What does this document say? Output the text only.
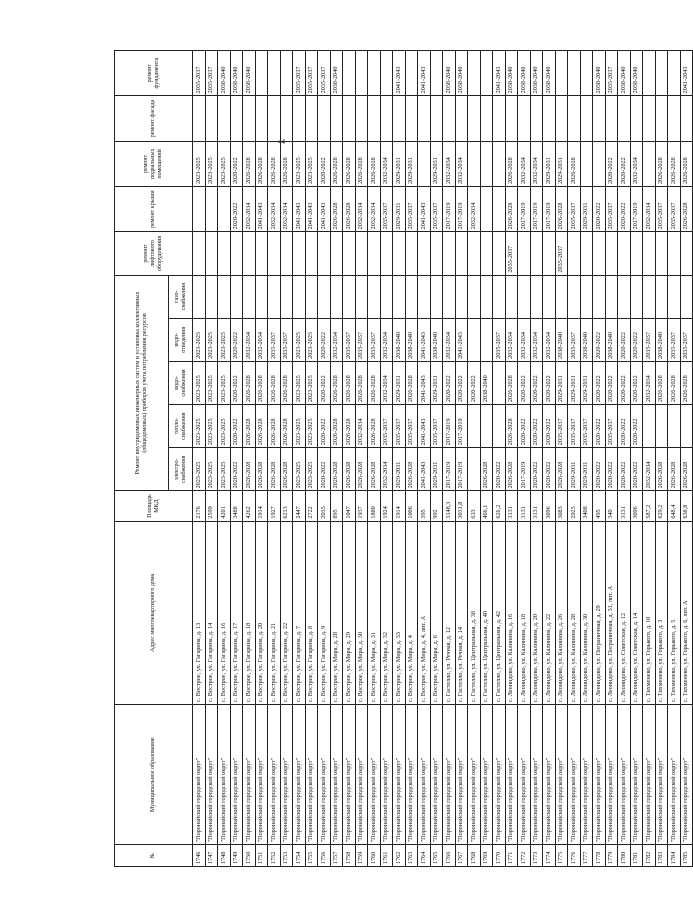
44
№	Муниципальное образование	Адрес многоквартирного дома	Площадь МКД	Ремонт внутридомовых инженерных систем и установка коллективных (общедомовых) приборов учета потребления ресурсов					ремонт лифтового оборудования	ремонт крыши	ремонт подвальных помещений	ремонт фасада	ремонт фундамента
				электро-снабжения	тепло-снабжения	водо-снабжения	водо-отведения	газо-снабжения					
1746	"Поронайский городской округ"	с. Вострое, ул. Гагарина, д. 13	2176	2023-2025	2023-2025	2023-2025	2023-2025				2023-2025		2035-2037
1747	"Поронайский городской округ"	с. Вострое, ул. Гагарина, д. 14	2599	2023-2025	2023-2025	2023-2025	2023-2025				2023-2025		2035-2037
1748	"Поронайский городской округ"	с. Вострое, ул. Гагарина, д. 16	4201	2023-2025	2023-2025	2023-2025	2023-2025				2023-2025		2038-2040
1749	"Поронайский городской округ"	с. Вострое, ул. Гагарина, д. 17	3488	2020-2022	2020-2022	2020-2022	2020-2022			2020-2022	2020-2022		2038-2040
1750	"Поронайский городской округ"	с. Вострое, ул. Гагарина, д. 18	4262	2026-2028	2026-2028	2026-2028	2032-2034			2032-2034	2026-2028		2038-2040
1751	"Поронайский городской округ"	с. Вострое, ул. Гагарина, д. 20	1914	2026-2028	2026-2028	2026-2028	2032-2034			2041-2043	2026-2028		
1752	"Поронайский городской округ"	с. Вострое, ул. Гагарина, д. 21	1927	2026-2028	2026-2028	2026-2028	2035-2037			2032-2034	2026-2028		
1753	"Поронайский городской округ"	с. Вострое, ул. Гагарина, д. 22	6213	2026-2028	2026-2028	2026-2028	2035-2037			2032-2034	2026-2028		
1754	"Поронайский городской округ"	с. Вострое, ул. Гагарина, д. 7	2447	2023-2025	2023-2025	2023-2025	2023-2025			2041-2043	2023-2025		2035-2037
1755	"Поронайский городской округ"	с. Вострое, ул. Гагарина, д. 8	2722	2023-2025	2023-2025	2023-2025	2023-2025			2041-2043	2023-2025		2035-2037
1756	"Поронайский городской округ"	с. Вострое, ул. Гагарина, д. 9	2035	2020-2022	2020-2022	2020-2022	2020-2022			2041-2043	2020-2022		2035-2037
1757	"Поронайский городской округ"	с. Вострое, ул. Мира, д. 28	895	2026-2028	2026-2028	2026-2028	2032-2034			2026-2028	2026-2028		2038-2040
1758	"Поронайский городской округ"	с. Вострое, ул. Мира, д. 29	1047	2026-2028	2026-2028	2026-2028	2035-2037			2026-2028	2026-2028		
1759	"Поронайский городской округ"	с. Вострое, ул. Мира, д. 30	1937	2026-2028	2032-2034	2026-2028	2035-2037			2032-2034	2026-2028		
1760	"Поронайский городской округ"	с. Вострое, ул. Мира, д. 31	1880	2026-2028	2026-2028	2026-2028	2035-2037			2032-2034	2026-2028		
1761	"Поронайский городской округ"	с. Вострое, ул. Мира, д. 32	1924	2032-2034	2035-2037	2032-2034	2032-2034			2035-2037	2032-2034		
1762	"Поронайский городской округ"	с. Вострое, ул. Мира, д. 33	1914	2029-2031	2035-2037	2029-2031	2038-2040			2029-2031	2029-2031		2041-2043
1763	"Поронайский городской округ"	с. Вострое, ул. Мира, д. 4	1006	2026-2028	2035-2037	2026-2028	2038-2040			2035-2037	2029-2031		
1764	"Поронайский городской округ"	с. Вострое, ул. Мира, д. 4, лит. А	395	2041-2043	2041-2043	2041-2043	2041-2043			2041-2043			2041-2043
1765	"Поронайский городской округ"	с. Вострое, ул. Мира, д. 6	992	2029-2031	2035-2037	2029-2031	2038-2040			2035-2037	2029-2031		
1766	"Поронайский городской округ"	с. Гастелло, ул. Речная, д. 12	3148,3	2017-2019	2017-2019	2020-2022	2032-2034			2017-2019	2032-2034		2038-2040
1767	"Поронайский городской округ"	с. Гастелло, ул. Речная, д. 14	3031,8	2017-2019	2017-2019	2020-2022	2041-2043			2017-2019	2032-2034		2038-2040
1768	"Поронайский городской округ"	с. Гастелло, ул. Центральная, д. 38	633			2020-2022				2032-2034			
1769	"Поронайский городской округ"	с. Гастелло, ул. Центральная, д. 40	466,1	2026-2028		2038-2040							
1770	"Поронайский городской округ"	с. Гастелло, ул. Центральная, д. 42	626,2	2020-2022			2035-2037						2041-2043
1771	"Поронайский городской округ"	с. Леонидово, ул. Калинина, д. 16	3131	2026-2028	2026-2028	2026-2028	2032-2034		2035-2037	2026-2028	2026-2028		2038-2040
1772	"Поронайский городской округ"	с. Леонидово, ул. Калинина, д. 18	3131	2017-2019	2020-2022	2020-2022	2032-2034			2017-2019	2032-2034		2038-2040
1773	"Поронайский городской округ"	с. Леонидово, ул. Калинина, д. 20	3131	2020-2022	2020-2022	2020-2022	2032-2034			2017-2019	2032-2034		2038-2040
1774	"Поронайский городской округ"	с. Леонидово, ул. Калинина, д. 22	3096	2020-2022	2020-2022	2020-2022	2032-2034			2017-2019	2029-2031		2038-2040
1775	"Поронайский городской округ"	с. Леонидово, ул. Калинина, д. 26	3083	2026-2028	2035-2037	2029-2031	2038-2040		2035-2037	2026-2028	2029-2031		
1776	"Поронайский городской округ"	с. Леонидово, ул. Калинина, д. 28	2925	2029-2031	2035-2037	2029-2031	2035-2037			2035-2037	2026-2028		
1777	"Поронайский городской округ"	с. Леонидово, ул. Калинина, д. 30	3408	2029-2031	2035-2037	2029-2031	2038-2040			2029-2031			
1778	"Поронайский городской округ"	с. Леонидово, ул. Пограничная, д. 29	495	2020-2022	2020-2022	2020-2022	2020-2022			2020-2022			2038-2040
1779	"Поронайский городской округ"	с. Леонидово, ул. Пограничная, д. 31, лит. А	340	2020-2022	2035-2037	2020-2022	2038-2040			2035-2037	2020-2022		2035-2037
1780	"Поронайский городской округ"	с. Леонидово, ул. Советская, д. 12	3131	2020-2022	2020-2022	2020-2022	2020-2022			2020-2022	2020-2022		2038-2040
1781	"Поронайский городской округ"	с. Леонидово, ул. Советская, д. 14	3096	2020-2022	2020-2022	2020-2022	2020-2022			2017-2019	2032-2034		2038-2040
1782	"Поронайский городской округ"	с. Тихменево, ул. Горького, д. 10	587,2	2032-2034		2032-2034	2035-2037			2032-2034			
1783	"Поронайский городской округ"	с. Тихменево, ул. Горького, д. 3	629,2	2026-2028		2026-2028	2038-2040			2035-2037	2026-2028		
1784	"Поронайский городской округ"	с. Тихменево, ул. Горького, д. 5	648,4	2026-2028		2026-2028	2035-2037			2035-2037	2026-2028		
1785	"Поронайский городской округ"	с. Тихменево, ул. Горького, д. 6, лит. А	638,8	2026-2028		2026-2028	2035-2037			2026-2028	2026-2028		2041-2043
